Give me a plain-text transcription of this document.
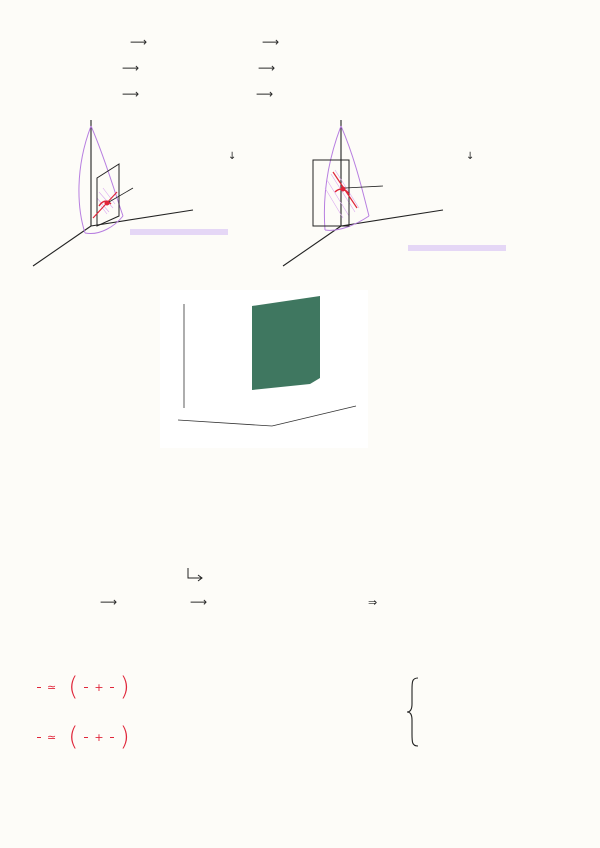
⟶	⟶
⟶	⟶
⟶	⟶
↓	↓
⟶	⟶	⇒
≃ ( + )
≃ ( + )
